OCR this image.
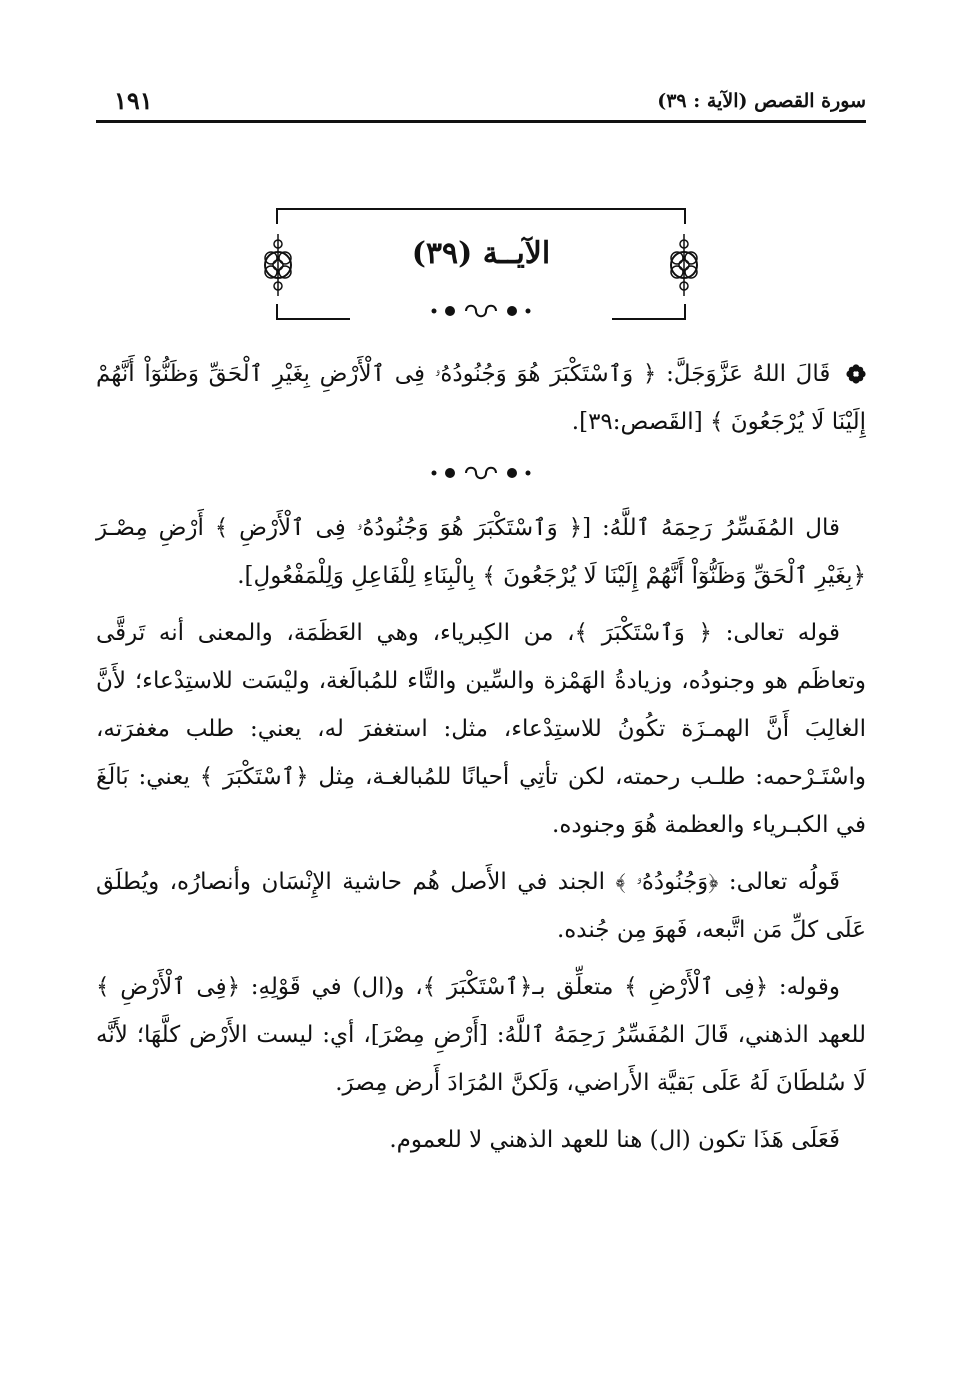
١٩١	سورة القصص (الآية : ٣٩)
الآيــة (٣٩)

قَالَ اللهُ عَزَّوَجَلَّ: ﴿ وَٱسْتَكْبَرَ هُوَ وَجُنُودُهُۥ فِى ٱلْأَرْضِ بِغَيْرِ ٱلْحَقِّ وَظَنُّوٓاْ أَنَّهُمْ إِلَيْنَا لَا يُرْجَعُونَ ﴾ [القَصص:٣٩].

قال المُفَسِّرُ رَحِمَهُ ٱللَّهُ: [﴿ وَٱسْتَكْبَرَ هُوَ وَجُنُودُهُۥ فِى ٱلْأَرْضِ ﴾ أَرْضِ مِصْـرَ ﴿بِغَيْرِ ٱلْحَقِّ وَظَنُّوٓاْ أَنَّهُمْ إِلَيْنَا لَا يُرْجَعُونَ ﴾ بِالْبِنَاءِ لِلْفَاعِلِ وَلِلْمَفْعُولِ].

قوله تعالى: ﴿ وَٱسْتَكْبَرَ ﴾، من الكِبرياء، وهي العَظَمَة، والمعنى أنه تَرقَّى وتعاظَم هو وجنودُه، وزيادةُ الهَمْزة والسِّين والتَّاء للمُبالَغة، وليْسَت للاستِدْعاء؛ لأَنَّ الغالِبَ أَنَّ الهمـزَة تكُونُ للاستِدْعاء، مثل: استغفرَ له، يعني: طلب مغفرَته، واسْتَـرْحمه: طلـب رحمته، لكن تأتِي أحيانًا للمُبالغـة، مِثل ﴿ٱسْتَكْبَرَ ﴾ يعني: بَالَغَ في الكبـرياء والعظمة هُوَ وجنوده.

قَولُه تعالى: ﴿وَجُنُودُهُۥ ﴾ الجند في الأَصل هُم حاشية الإِنْسَان وأنصارُه، ويُطلَق عَلَى كلِّ مَن اتَّبعه، فَهوَ مِن جُنده.

وقوله: ﴿فِى ٱلْأَرْضِ ﴾ متعلِّق بـ﴿ٱسْتَكْبَرَ ﴾، و(ال) في قَوْلِهِ: ﴿فِى ٱلْأَرْضِ ﴾ للعهد الذهني، قَالَ المُفَسِّرُ رَحِمَهُ ٱللَّهُ: [أَرْضِ مِصْرَ]، أي: ليست الأَرْض كلَّهَا؛ لأَنَّه لَا سُلطَانَ لَهُ عَلَى بَقيَّة الأَراضي، وَلَكنَّ المُرَادَ أَرض مِصرَ.

فَعَلَى هَذَا تكون (ال) هنا للعهد الذهني لا للعموم.
